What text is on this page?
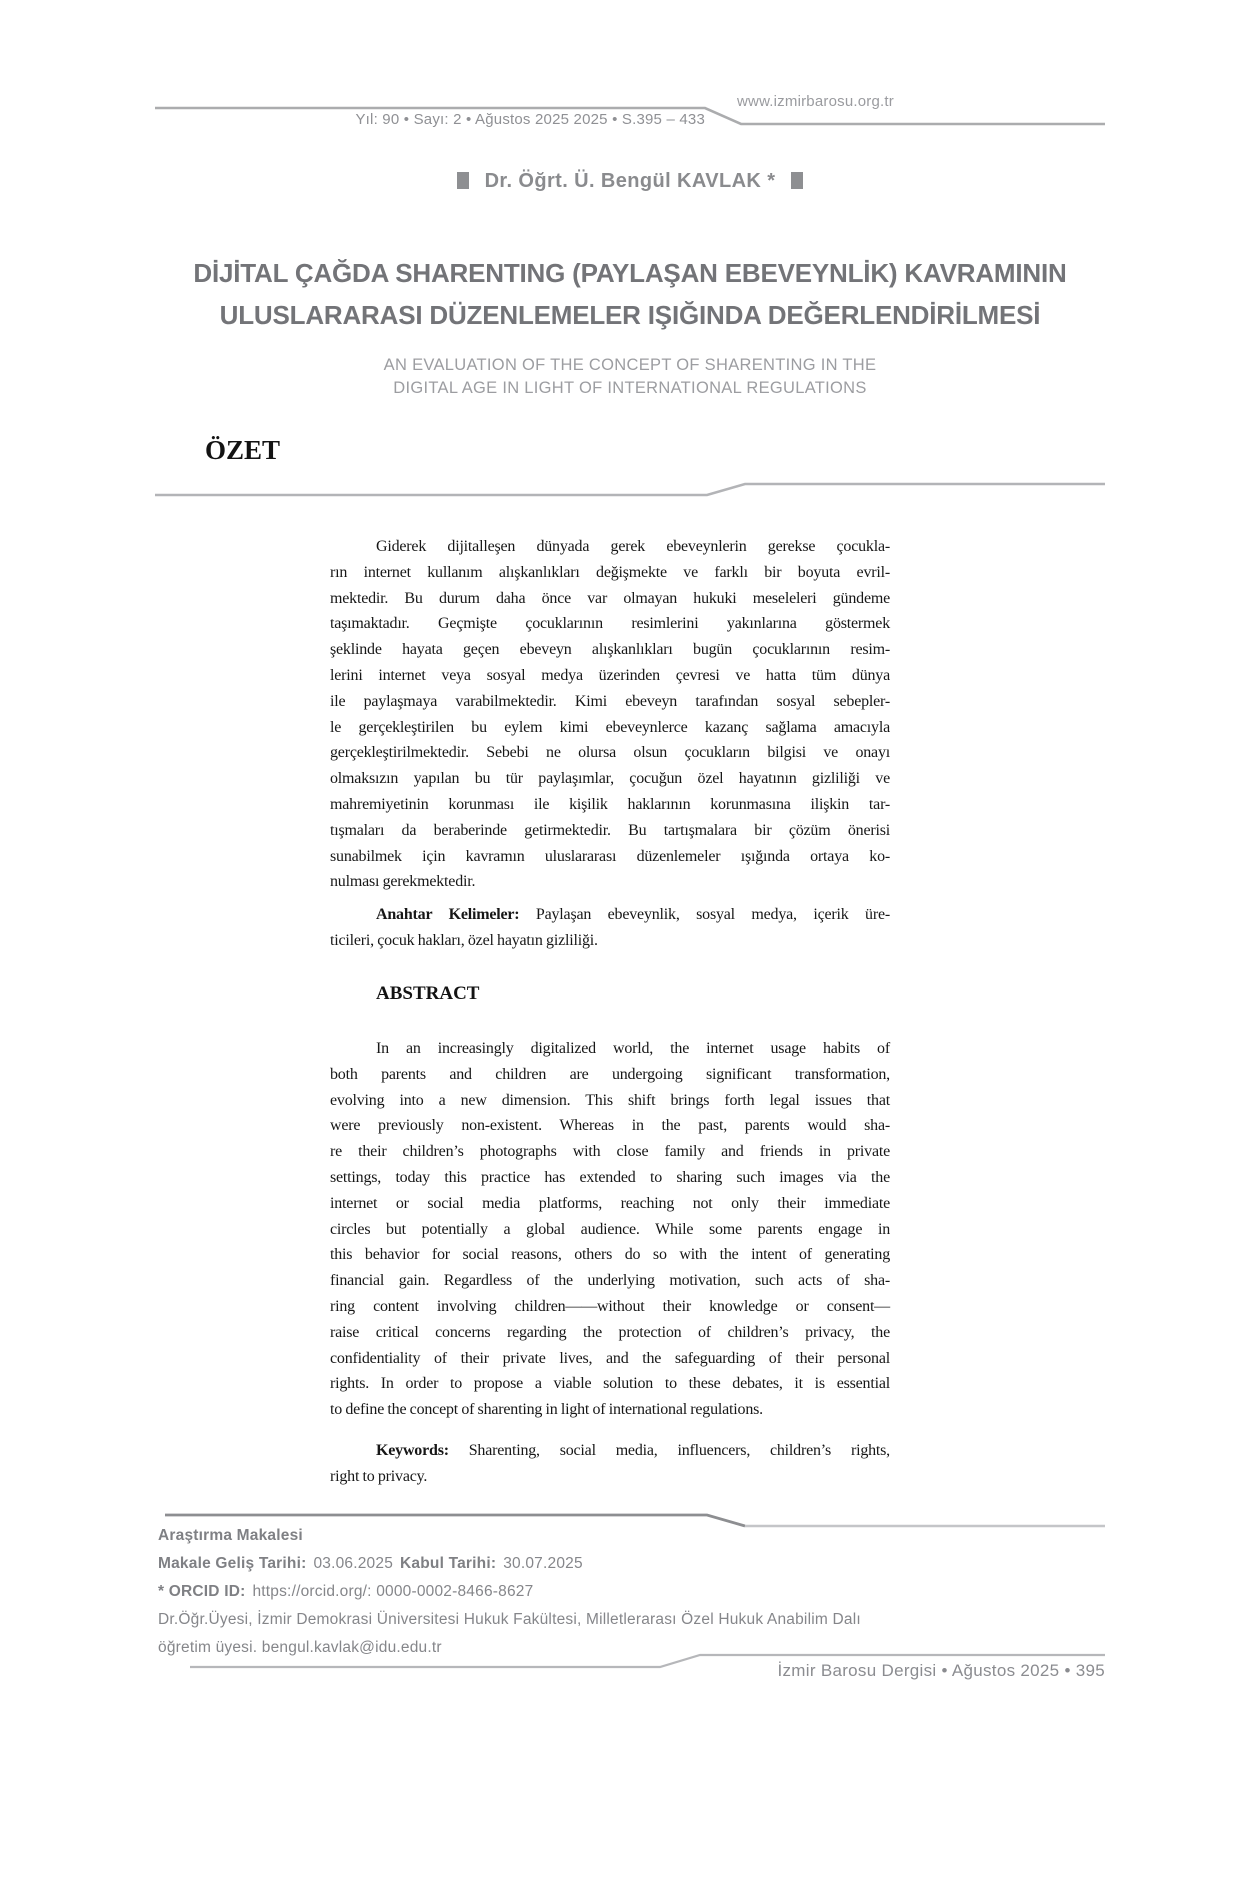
Yıl: 90 • Sayı: 2 • Ağustos 2025 2025 • S.395 – 433
www.izmirbarosu.org.tr
Dr. Öğrt. Ü. Bengül KAVLAK *
DİJİTAL ÇAĞDA SHARENTING (PAYLAŞAN EBEVEYNLİK) KAVRAMININ
ULUSLARARASI DÜZENLEMELER IŞIĞINDA DEĞERLENDİRİLMESİ
AN EVALUATION OF THE CONCEPT OF SHARENTING IN THE
DIGITAL AGE IN LIGHT OF INTERNATIONAL REGULATIONS
ÖZET
Giderek dijitalleşen dünyada gerek ebeveynlerin gerekse çocukla-
rın internet kullanım alışkanlıkları değişmekte ve farklı bir boyuta evril-
mektedir. Bu durum daha önce var olmayan hukuki meseleleri gündeme
taşımaktadır. Geçmişte çocuklarının resimlerini yakınlarına göstermek
şeklinde hayata geçen ebeveyn alışkanlıkları bugün çocuklarının resim-
lerini internet veya sosyal medya üzerinden çevresi ve hatta tüm dünya
ile paylaşmaya varabilmektedir. Kimi ebeveyn tarafından sosyal sebepler-
le gerçekleştirilen bu eylem kimi ebeveynlerce kazanç sağlama amacıyla
gerçekleştirilmektedir. Sebebi ne olursa olsun çocukların bilgisi ve onayı
olmaksızın yapılan bu tür paylaşımlar, çocuğun özel hayatının gizliliği ve
mahremiyetinin korunması ile kişilik haklarının korunmasına ilişkin tar-
tışmaları da beraberinde getirmektedir. Bu tartışmalara bir çözüm önerisi
sunabilmek için kavramın uluslararası düzenlemeler ışığında ortaya ko-
nulması gerekmektedir.
Anahtar Kelimeler: Paylaşan ebeveynlik, sosyal medya, içerik üre-
ticileri, çocuk hakları, özel hayatın gizliliği.
ABSTRACT
In an increasingly digitalized world, the internet usage habits of
both parents and children are undergoing significant transformation,
evolving into a new dimension. This shift brings forth legal issues that
were previously non-existent. Whereas in the past, parents would sha-
re their children’s photographs with close family and friends in private
settings, today this practice has extended to sharing such images via the
internet or social media platforms, reaching not only their immediate
circles but potentially a global audience. While some parents engage in
this behavior for social reasons, others do so with the intent of generating
financial gain. Regardless of the underlying motivation, such acts of sha-
ring content involving children——without their knowledge or consent—
raise critical concerns regarding the protection of children’s privacy, the
confidentiality of their private lives, and the safeguarding of their personal
rights. In order to propose a viable solution to these debates, it is essential
to define the concept of sharenting in light of international regulations.
Keywords: Sharenting, social media, influencers, children’s rights,
right to privacy.
Araştırma Makalesi
Makale Geliş Tarihi: 03.06.2025 Kabul Tarihi: 30.07.2025
* ORCID ID: https://orcid.org/: 0000-0002-8466-8627
Dr.Öğr.Üyesi, İzmir Demokrasi Üniversitesi Hukuk Fakültesi, Milletlerarası Özel Hukuk Anabilim Dalı
öğretim üyesi. bengul.kavlak@idu.edu.tr
İzmir Barosu Dergisi • Ağustos 2025 • 395
